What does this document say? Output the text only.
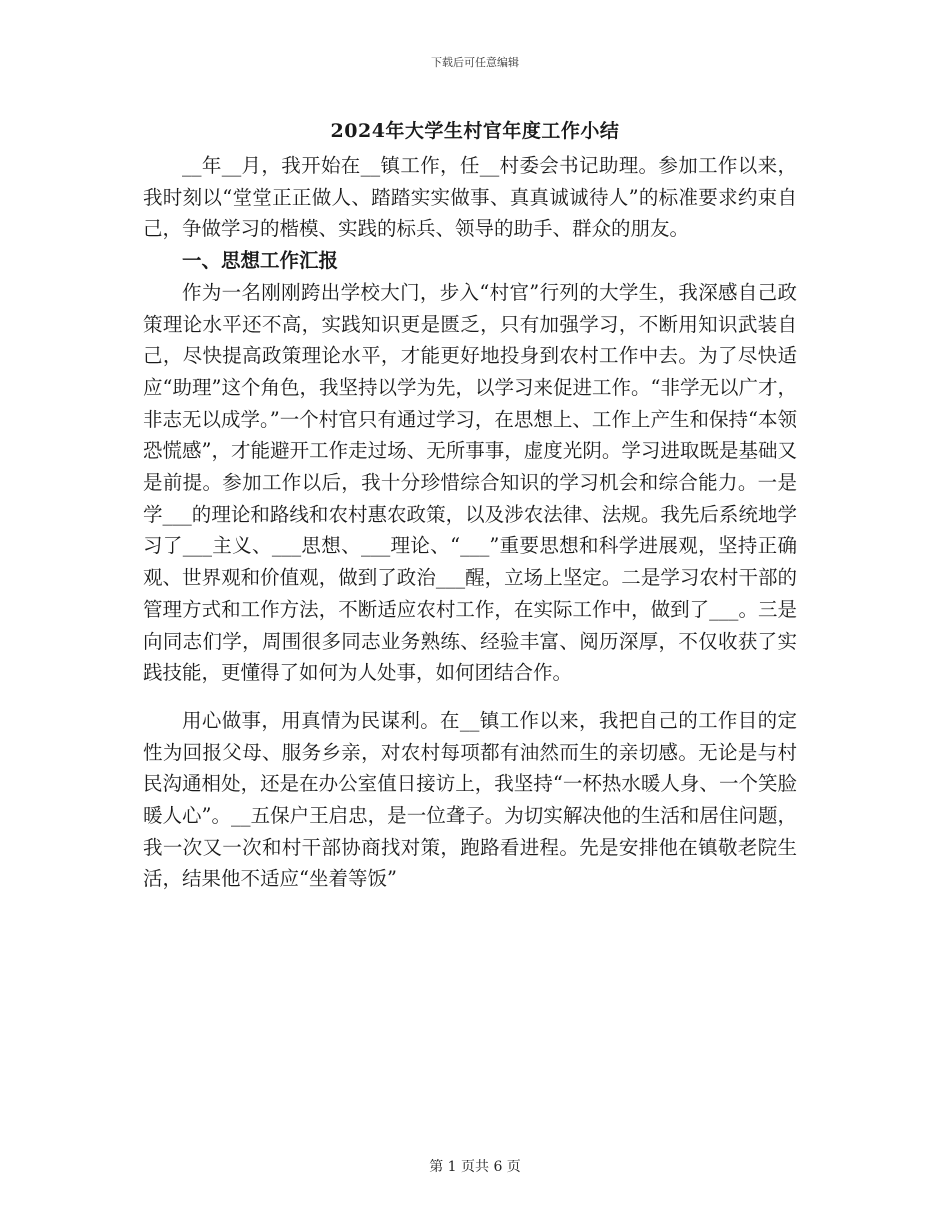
下载后可任意编辑
2024年大学生村官年度工作小结

__年__月，我开始在__镇工作，任__村委会书记助理。参加工作以来，我时刻以“堂堂正正做人、踏踏实实做事、真真诚诚待人”的标准要求约束自己，争做学习的楷模、实践的标兵、领导的助手、群众的朋友。

一、思想工作汇报

作为一名刚刚跨出学校大门，步入“村官”行列的大学生，我深感自己政策理论水平还不高，实践知识更是匮乏，只有加强学习，不断用知识武装自己，尽快提高政策理论水平，才能更好地投身到农村工作中去。为了尽快适应“助理”这个角色，我坚持以学为先，以学习来促进工作。“非学无以广才，非志无以成学。”一个村官只有通过学习，在思想上、工作上产生和保持“本领恐慌感”，才能避开工作走过场、无所事事，虚度光阴。学习进取既是基础又是前提。参加工作以后，我十分珍惜综合知识的学习机会和综合能力。一是学___的理论和路线和农村惠农政策，以及涉农法律、法规。我先后系统地学习了___主义、___思想、___理论、“___”重要思想和科学进展观，坚持正确观、世界观和价值观，做到了政治___醒，立场上坚定。二是学习农村干部的管理方式和工作方法，不断适应农村工作，在实际工作中，做到了___。三是向同志们学，周围很多同志业务熟练、经验丰富、阅历深厚，不仅收获了实践技能，更懂得了如何为人处事，如何团结合作。

用心做事，用真情为民谋利。在__镇工作以来，我把自己的工作目的定性为回报父母、服务乡亲，对农村每项都有油然而生的亲切感。无论是与村民沟通相处，还是在办公室值日接访上，我坚持“一杯热水暖人身、一个笑脸暖人心”。__五保户王启忠，是一位聋子。为切实解决他的生活和居住问题，我一次又一次和村干部协商找对策，跑路看进程。先是安排他在镇敬老院生活，结果他不适应“坐着等饭”

第 1 页共 6 页
